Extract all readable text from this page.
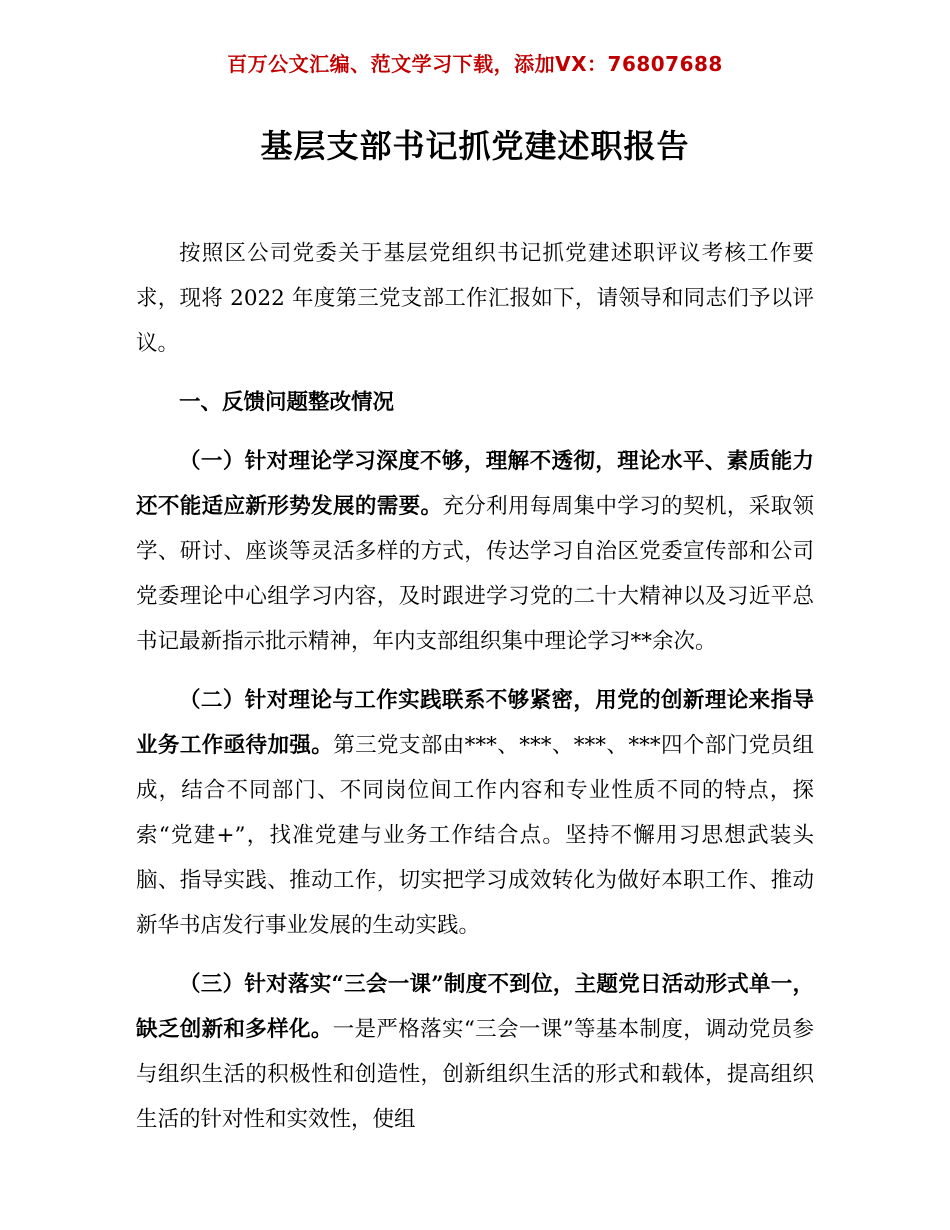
百万公文汇编、范文学习下载，添加VX：76807688
基层支部书记抓党建述职报告

按照区公司党委关于基层党组织书记抓党建述职评议考核工作要求，现将 2022 年度第三党支部工作汇报如下，请领导和同志们予以评议。

一、反馈问题整改情况

（一）针对理论学习深度不够，理解不透彻，理论水平、素质能力还不能适应新形势发展的需要。充分利用每周集中学习的契机，采取领学、研讨、座谈等灵活多样的方式，传达学习自治区党委宣传部和公司党委理论中心组学习内容，及时跟进学习党的二十大精神以及习近平总书记最新指示批示精神，年内支部组织集中理论学习**余次。

（二）针对理论与工作实践联系不够紧密，用党的创新理论来指导业务工作亟待加强。第三党支部由***、***、***、***四个部门党员组成，结合不同部门、不同岗位间工作内容和专业性质不同的特点，探索“党建+”，找准党建与业务工作结合点。坚持不懈用习思想武装头脑、指导实践、推动工作，切实把学习成效转化为做好本职工作、推动新华书店发行事业发展的生动实践。

（三）针对落实“三会一课”制度不到位，主题党日活动形式单一，缺乏创新和多样化。一是严格落实“三会一课”等基本制度，调动党员参与组织生活的积极性和创造性，创新组织生活的形式和载体，提高组织生活的针对性和实效性，使组
